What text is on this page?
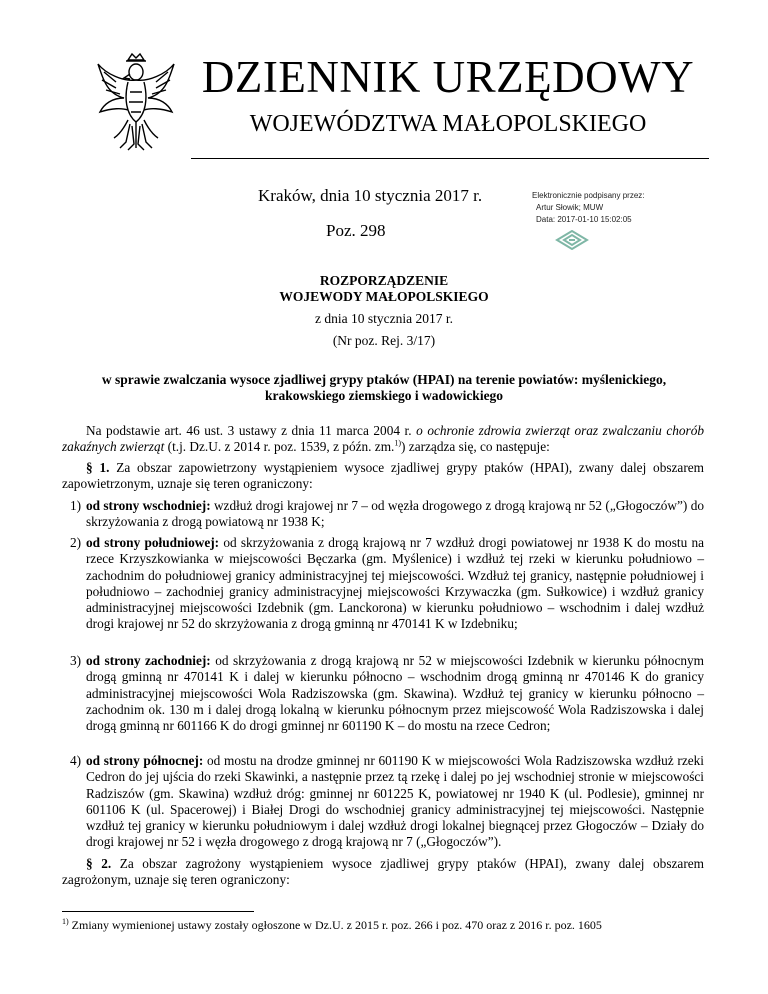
DZIENNIK URZĘDOWY
WOJEWÓDZTWA MAŁOPOLSKIEGO
Kraków, dnia 10 stycznia 2017 r.
Poz. 298
Elektronicznie podpisany przez:
Artur Słowik; MUW
Data: 2017-01-10 15:02:05
ROZPORZĄDZENIE
WOJEWODY MAŁOPOLSKIEGO
z dnia 10 stycznia 2017 r.
(Nr poz. Rej. 3/17)
w sprawie zwalczania wysoce zjadliwej grypy ptaków (HPAI) na terenie powiatów: myślenickiego,
krakowskiego ziemskiego i wadowickiego
Na podstawie art. 46 ust. 3 ustawy z dnia 11 marca 2004 r. o ochronie zdrowia zwierząt oraz zwalczaniu chorób zakaźnych zwierząt (t.j. Dz.U. z 2014 r. poz. 1539, z późn. zm.$^{1)}$) zarządza się, co następuje:
§ 1. Za obszar zapowietrzony wystąpieniem wysoce zjadliwej grypy ptaków (HPAI), zwany dalej obszarem zapowietrzonym, uznaje się teren ograniczony:
1) od strony wschodniej: wzdłuż drogi krajowej nr 7 – od węzła drogowego z drogą krajową nr 52 („Głogoczów”) do skrzyżowania z drogą powiatową nr 1938 K;
2) od strony południowej: od skrzyżowania z drogą krajową nr 7 wzdłuż drogi powiatowej nr 1938 K do mostu na rzece Krzyszkowianka w miejscowości Bęczarka (gm. Myślenice) i wzdłuż tej rzeki w kierunku południowo – zachodnim do południowej granicy administracyjnej tej miejscowości. Wzdłuż tej granicy, następnie południowej i południowo – zachodniej granicy administracyjnej miejscowości Krzywaczka (gm. Sułkowice) i wzdłuż granicy administracyjnej miejscowości Izdebnik (gm. Lanckorona) w kierunku południowo – wschodnim i dalej wzdłuż drogi krajowej nr 52 do skrzyżowania z drogą gminną nr 470141 K w Izdebniku;
3) od strony zachodniej: od skrzyżowania z drogą krajową nr 52 w miejscowości Izdebnik w kierunku północnym drogą gminną nr 470141 K i dalej w kierunku północno – wschodnim drogą gminną nr 470146 K do granicy administracyjnej miejscowości Wola Radziszowska (gm. Skawina). Wzdłuż tej granicy w kierunku północno – zachodnim ok. 130 m i dalej drogą lokalną w kierunku północnym przez miejscowość Wola Radziszowska i dalej drogą gminną nr 601166 K do drogi gminnej nr 601190 K – do mostu na rzece Cedron;
4) od strony północnej: od mostu na drodze gminnej nr 601190 K w miejscowości Wola Radziszowska wzdłuż rzeki Cedron do jej ujścia do rzeki Skawinki, a następnie przez tą rzekę i dalej po jej wschodniej stronie w miejscowości Radziszów (gm. Skawina) wzdłuż dróg: gminnej nr 601225 K, powiatowej nr 1940 K (ul. Podlesie), gminnej nr 601106 K (ul. Spacerowej) i Białej Drogi do wschodniej granicy administracyjnej tej miejscowości. Następnie wzdłuż tej granicy w kierunku południowym i dalej wzdłuż drogi lokalnej biegnącej przez Głogoczów – Działy do drogi krajowej nr 52 i węzła drogowego z drogą krajową nr 7 („Głogoczów”).
§ 2. Za obszar zagrożony wystąpieniem wysoce zjadliwej grypy ptaków (HPAI), zwany dalej obszarem zagrożonym, uznaje się teren ograniczony:
$^{1)}$ Zmiany wymienionej ustawy zostały ogłoszone w Dz.U. z 2015 r. poz. 266 i poz. 470 oraz z 2016 r. poz. 1605
